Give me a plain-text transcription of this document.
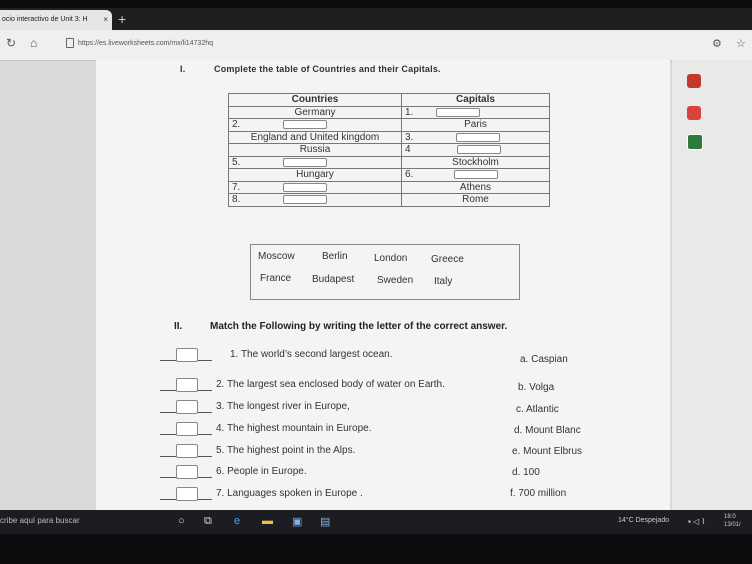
ocio interactivo de Unit 3: H × +
↻ ⌂	https://es.liveworksheets.com/mx/li14732hq	⚙ ☆
I.	Complete the table of Countries and their Capitals.
Countries	Capitals
Germany	1.
2.	Paris
England and United kingdom	3.
Russia	4
5.	Stockholm
Hungary	6.
7.	Athens
8.	Rome
Moscow	Berlin	London Greece
France Budapest Sweden Italy
II.	Match the Following by writing the letter of the correct answer.
1. The world’s second largest ocean.
2. The largest sea enclosed body of water on Earth.
3. The longest river in Europe,
4. The highest mountain in Europe.
5. The highest point in the Alps.
6. People in Europe.
7. Languages spoken in Europe .
a. Caspian
b. Volga
c. Atlantic
d. Mount Blanc
e. Mount Elbrus
d. 100
f. 700 million
cribe aquí para buscar	○ ⧉ e ▬ ▣ ▤	14°C Despejado ▪ ◁ ⌇	18:0
13/01/
